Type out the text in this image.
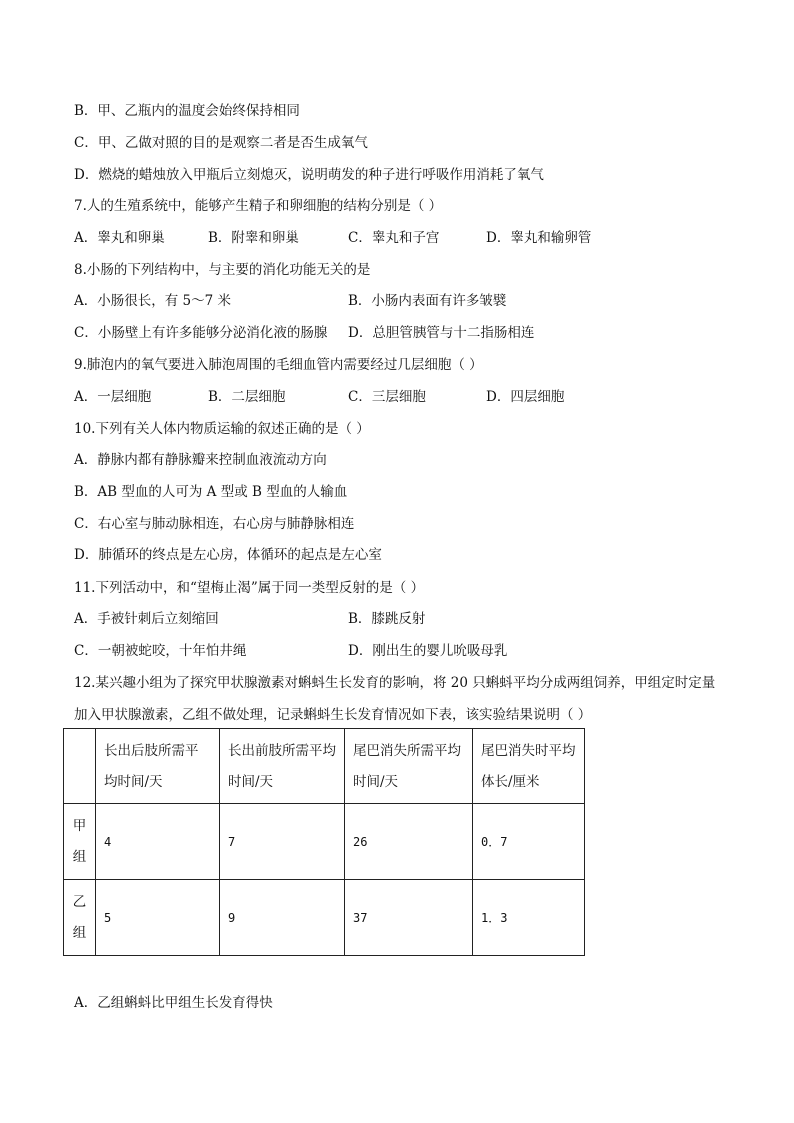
B．甲、乙瓶内的温度会始终保持相同
C．甲、乙做对照的目的是观察二者是否生成氧气
D．燃烧的蜡烛放入甲瓶后立刻熄灭，说明萌发的种子进行呼吸作用消耗了氧气
7.人的生殖系统中，能够产生精子和卵细胞的结构分别是（ ）
A．睾丸和卵巢	B．附睾和卵巢	C．睾丸和子宫	D．睾丸和输卵管
8.小肠的下列结构中，与主要的消化功能无关的是
A．小肠很长，有 5～7 米	B．小肠内表面有许多皱襞
C．小肠壁上有许多能够分泌消化液的肠腺 D．总胆管胰管与十二指肠相连
9.肺泡内的氧气要进入肺泡周围的毛细血管内需要经过几层细胞（ ）
A．一层细胞	B．二层细胞	C．三层细胞	D．四层细胞
10.下列有关人体内物质运输的叙述正确的是（ ）
A．静脉内都有静脉瓣来控制血液流动方向
B．AB 型血的人可为 A 型或 B 型血的人输血
C．右心室与肺动脉相连，右心房与肺静脉相连
D．肺循环的终点是左心房，体循环的起点是左心室
11.下列活动中，和“望梅止渴”属于同一类型反射的是（ ）
A．手被针刺后立刻缩回	B．膝跳反射
C．一朝被蛇咬，十年怕井绳	D．刚出生的婴儿吮吸母乳
12.某兴趣小组为了探究甲状腺激素对蝌蚪生长发育的影响，将 20 只蝌蚪平均分成两组饲养，甲组定时定量
加入甲状腺激素，乙组不做处理，记录蝌蚪生长发育情况如下表，该实验结果说明（ ）
	长出后肢所需平均时间/天	长出前肢所需平均时间/天	尾巴消失所需平均时间/天	尾巴消失时平均体长/厘米
甲组	4	7	26	0．7
乙组	5	9	37	1．3
A．乙组蝌蚪比甲组生长发育得快
